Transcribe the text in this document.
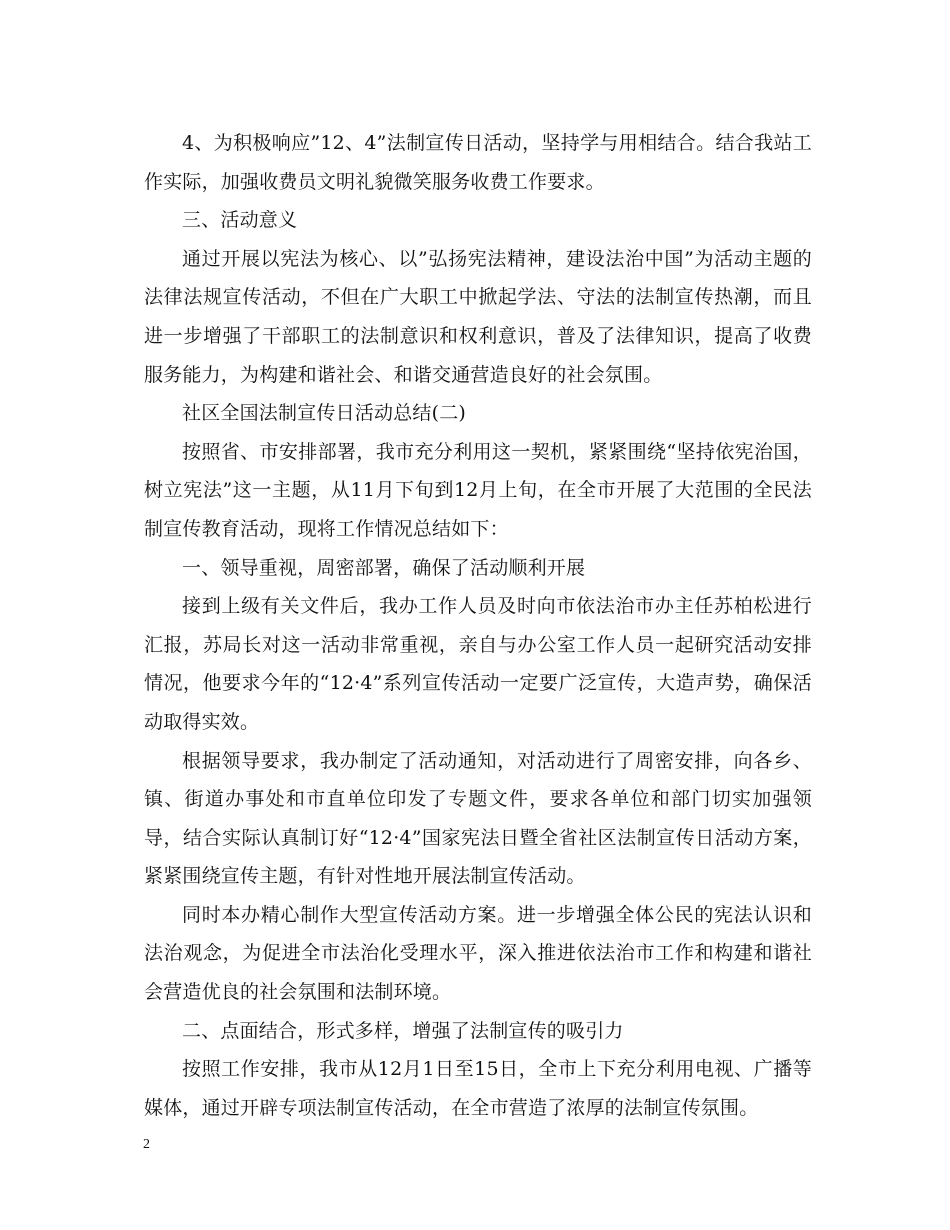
4、为积极响应”12、4”法制宣传日活动，坚持学与用相结合。结合我站工作实际，加强收费员文明礼貌微笑服务收费工作要求。

三、活动意义

通过开展以宪法为核心、以”弘扬宪法精神，建设法治中国”为活动主题的法律法规宣传活动，不但在广大职工中掀起学法、守法的法制宣传热潮，而且进一步增强了干部职工的法制意识和权利意识，普及了法律知识，提高了收费服务能力，为构建和谐社会、和谐交通营造良好的社会氛围。

社区全国法制宣传日活动总结(二)

按照省、市安排部署，我市充分利用这一契机，紧紧围绕“坚持依宪治国，树立宪法”这一主题，从11月下旬到12月上旬，在全市开展了大范围的全民法制宣传教育活动，现将工作情况总结如下：

一、领导重视，周密部署，确保了活动顺利开展

接到上级有关文件后，我办工作人员及时向市依法治市办主任苏柏松进行汇报，苏局长对这一活动非常重视，亲自与办公室工作人员一起研究活动安排情况，他要求今年的“12·4”系列宣传活动一定要广泛宣传，大造声势，确保活动取得实效。

根据领导要求，我办制定了活动通知，对活动进行了周密安排，向各乡、镇、街道办事处和市直单位印发了专题文件，要求各单位和部门切实加强领导，结合实际认真制订好“12·4”国家宪法日暨全省社区法制宣传日活动方案，紧紧围绕宣传主题，有针对性地开展法制宣传活动。

同时本办精心制作大型宣传活动方案。进一步增强全体公民的宪法认识和法治观念，为促进全市法治化受理水平，深入推进依法治市工作和构建和谐社会营造优良的社会氛围和法制环境。

二、点面结合，形式多样，增强了法制宣传的吸引力

按照工作安排，我市从12月1日至15日，全市上下充分利用电视、广播等媒体，通过开辟专项法制宣传活动，在全市营造了浓厚的法制宣传氛围。

2
